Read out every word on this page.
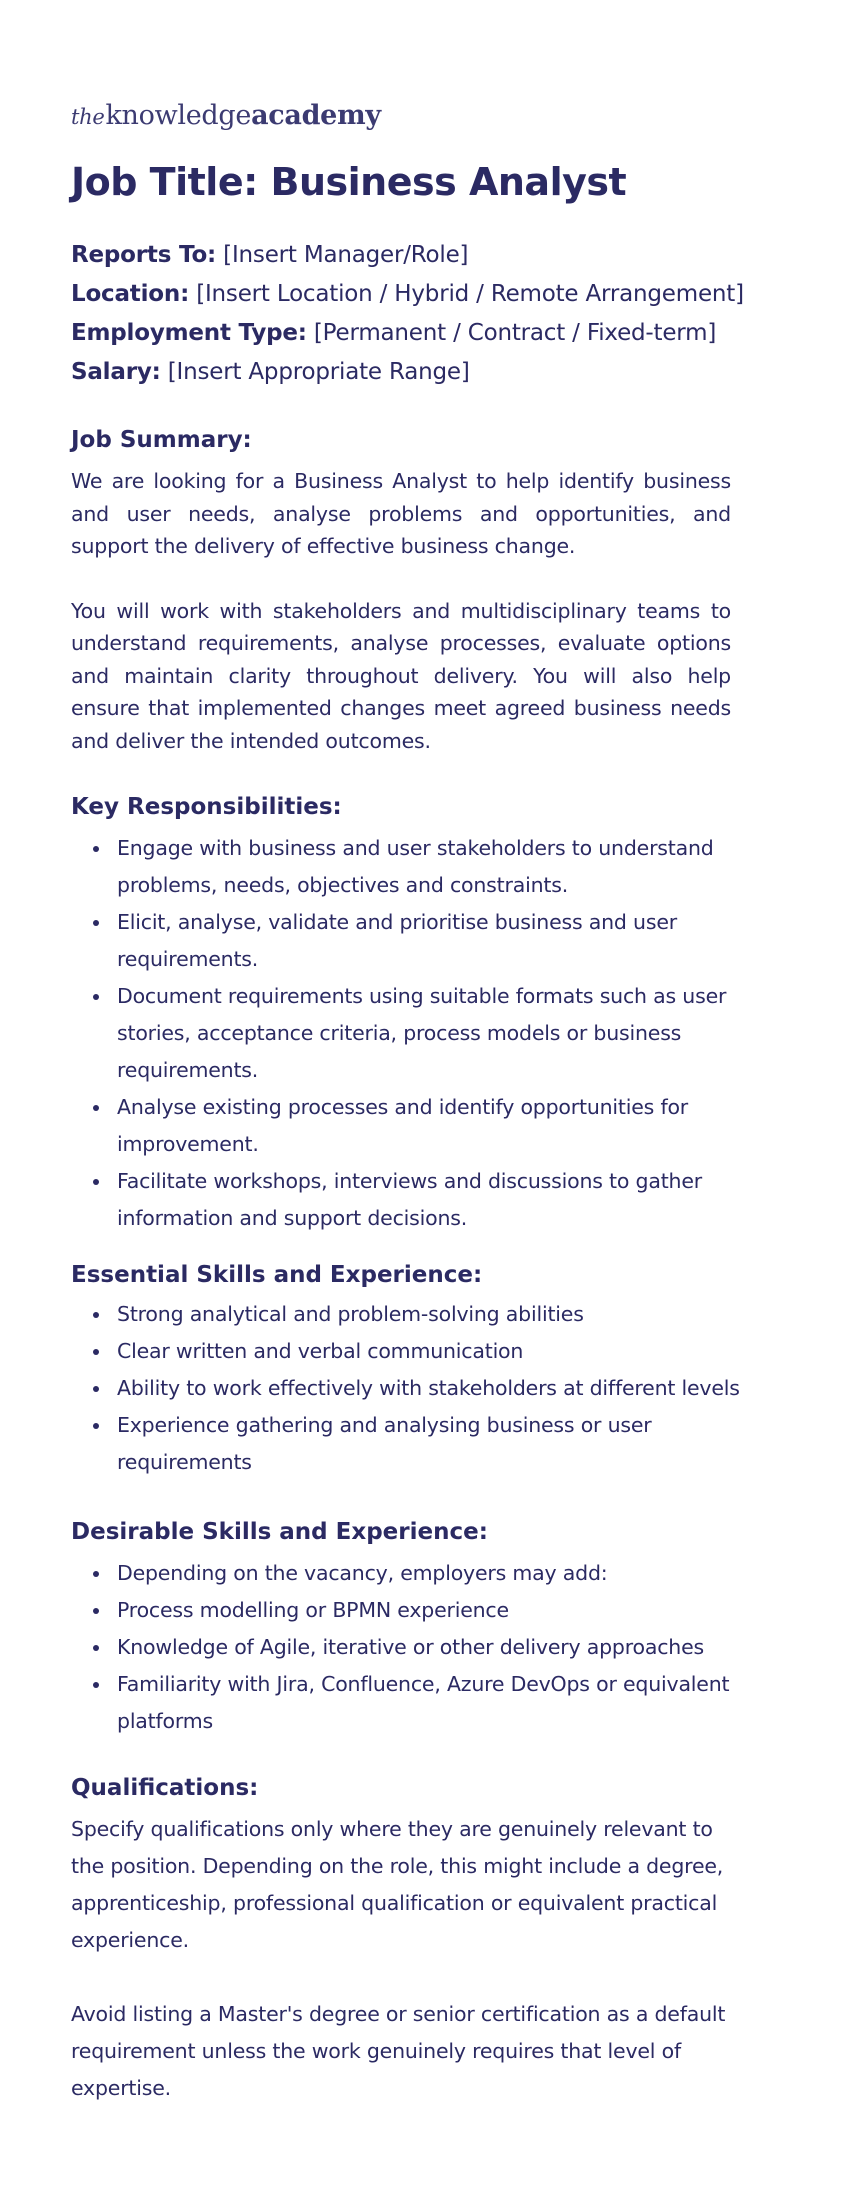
theknowledgeacademy
Job Title: Business Analyst
Reports To: [Insert Manager/Role]
Location: [Insert Location / Hybrid / Remote Arrangement]
Employment Type: [Permanent / Contract / Fixed-term]
Salary: [Insert Appropriate Range]
Job Summary:

We are looking for a Business Analyst to help identify business and user needs, analyse problems and opportunities, and support the delivery of effective business change.

You will work with stakeholders and multidisciplinary teams to understand requirements, analyse processes, evaluate options and maintain clarity throughout delivery. You will also help ensure that implemented changes meet agreed business needs and deliver the intended outcomes.

Key Responsibilities:
Engage with business and user stakeholders to understand problems, needs, objectives and constraints.
Elicit, analyse, validate and prioritise business and user requirements.
Document requirements using suitable formats such as user stories, acceptance criteria, process models or business requirements.
Analyse existing processes and identify opportunities for improvement.
Facilitate workshops, interviews and discussions to gather information and support decisions.
Essential Skills and Experience:
Strong analytical and problem-solving abilities
Clear written and verbal communication
Ability to work effectively with stakeholders at different levels
Experience gathering and analysing business or user requirements
Desirable Skills and Experience:
Depending on the vacancy, employers may add:
Process modelling or BPMN experience
Knowledge of Agile, iterative or other delivery approaches
Familiarity with Jira, Confluence, Azure DevOps or equivalent platforms
Qualifications:

Specify qualifications only where they are genuinely relevant to the position. Depending on the role, this might include a degree, apprenticeship, professional qualification or equivalent practical experience.

Avoid listing a Master's degree or senior certification as a default requirement unless the work genuinely requires that level of expertise.
